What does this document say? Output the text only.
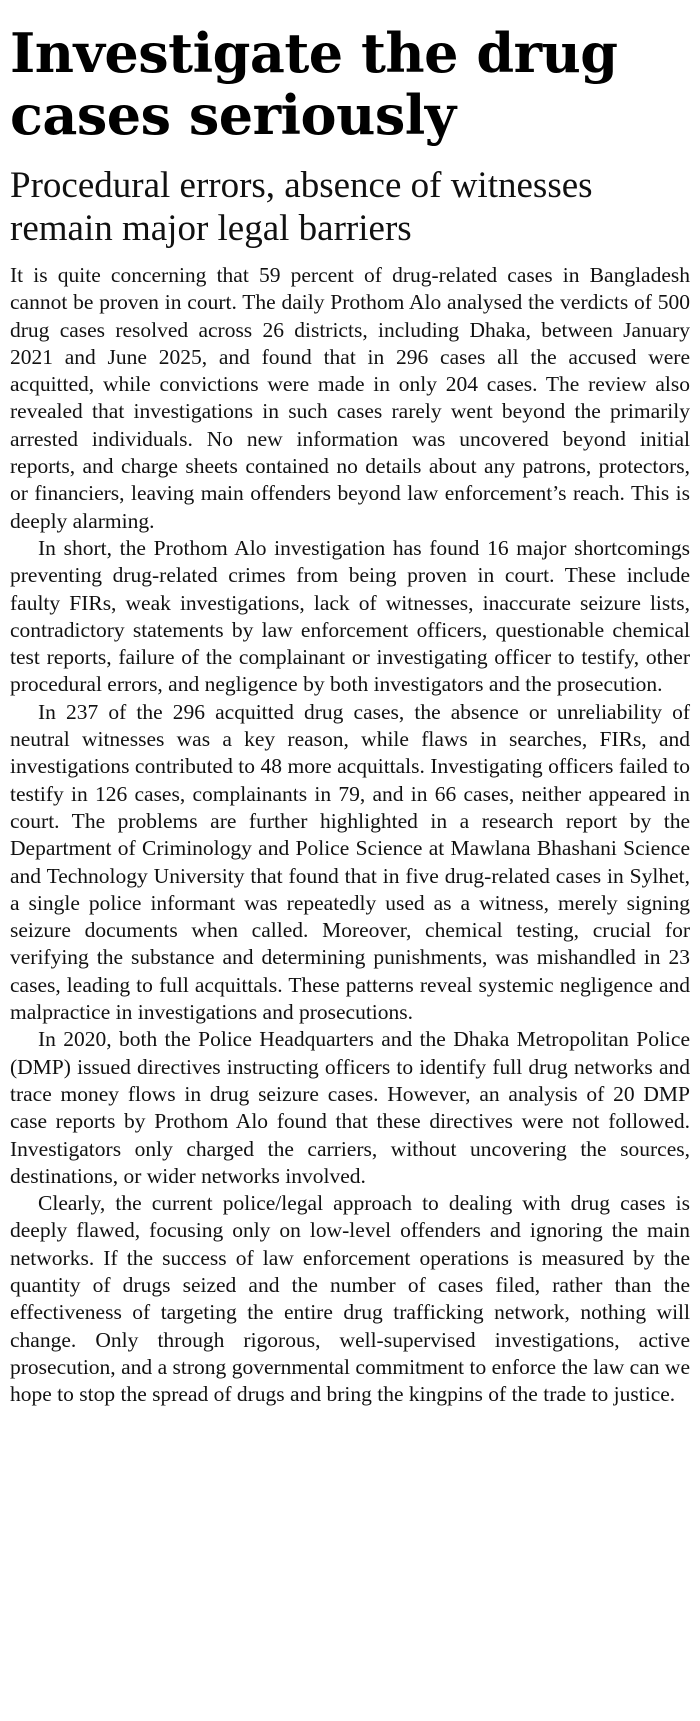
Investigate the drug cases seriously
Procedural errors, absence of witnesses remain major legal barriers

It is quite concerning that 59 percent of drug-related cases in Bangladesh cannot be proven in court. The daily Prothom Alo analysed the verdicts of 500 drug cases resolved across 26 districts, including Dhaka, between January 2021 and June 2025, and found that in 296 cases all the accused were acquitted, while convictions were made in only 204 cases. The review also revealed that investigations in such cases rarely went beyond the primarily arrested individuals. No new information was uncovered beyond initial reports, and charge sheets contained no details about any patrons, protectors, or financiers, leaving main offenders beyond law enforcement’s reach. This is deeply alarming.

In short, the Prothom Alo investigation has found 16 major shortcomings preventing drug-related crimes from being proven in court. These include faulty FIRs, weak investigations, lack of witnesses, inaccurate seizure lists, contradictory statements by law enforcement officers, questionable chemical test reports, failure of the complainant or investigating officer to testify, other procedural errors, and negligence by both investigators and the prosecution.

In 237 of the 296 acquitted drug cases, the absence or unreliability of neutral witnesses was a key reason, while flaws in searches, FIRs, and investigations contributed to 48 more acquittals. Investigating officers failed to testify in 126 cases, complainants in 79, and in 66 cases, neither appeared in court. The problems are further highlighted in a research report by the Department of Criminology and Police Science at Mawlana Bhashani Science and Technology University that found that in five drug-related cases in Sylhet, a single police informant was repeatedly used as a witness, merely signing seizure documents when called. Moreover, chemical testing, crucial for verifying the substance and determining punishments, was mishandled in 23 cases, leading to full acquittals. These patterns reveal systemic negligence and malpractice in investigations and prosecutions.

In 2020, both the Police Headquarters and the Dhaka Metropolitan Police (DMP) issued directives instructing officers to identify full drug networks and trace money flows in drug seizure cases. However, an analysis of 20 DMP case reports by Prothom Alo found that these directives were not followed. Investigators only charged the carriers, without uncovering the sources, destinations, or wider networks involved.

Clearly, the current police/legal approach to dealing with drug cases is deeply flawed, focusing only on low-level offenders and ignoring the main networks. If the success of law enforcement operations is measured by the quantity of drugs seized and the number of cases filed, rather than the effectiveness of targeting the entire drug trafficking network, nothing will change. Only through rigorous, well-supervised investigations, active prosecution, and a strong governmental commitment to enforce the law can we hope to stop the spread of drugs and bring the kingpins of the trade to justice.
